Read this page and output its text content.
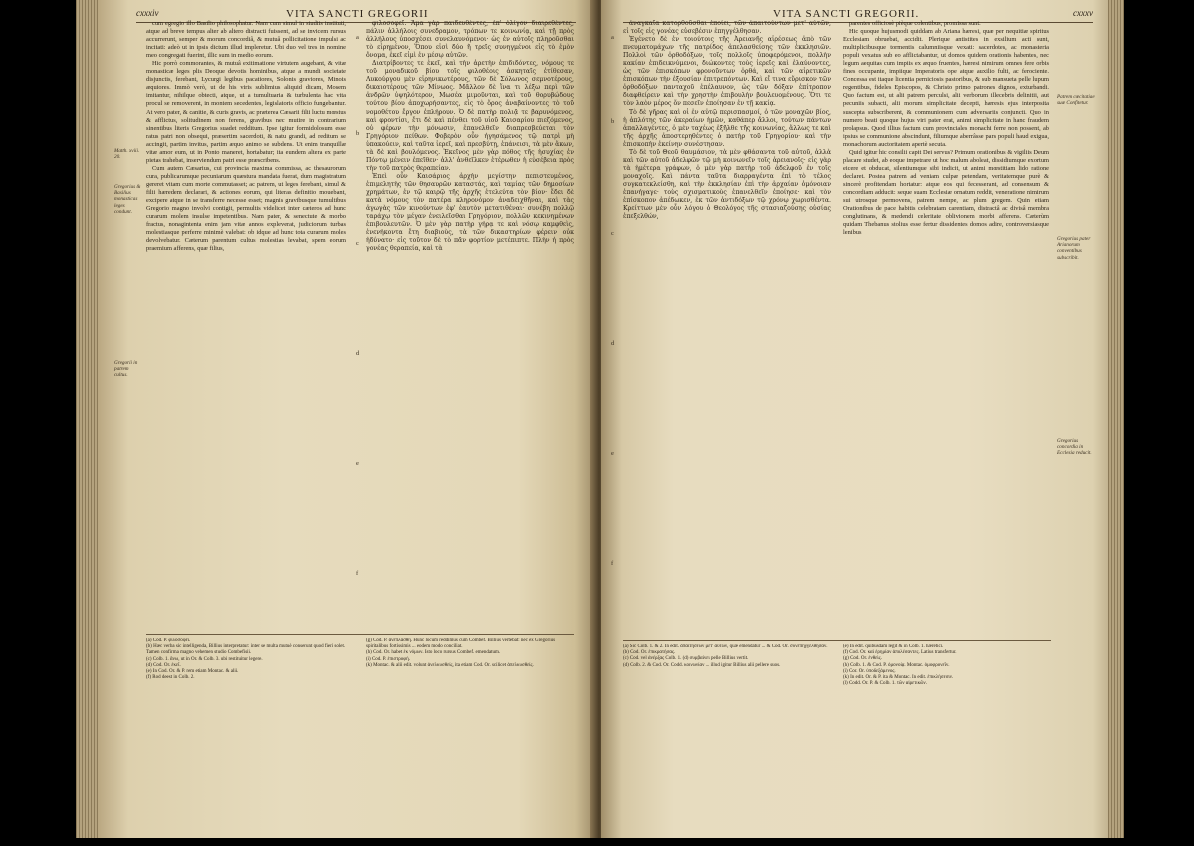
cxxxiv	VITA SANCTI GREGORII
Matth. xviii. 20.
Gregorius & Basilius monasticas leges condunt.
Gregorii in patrem cultus.

cum egregio illo Basilio philosophatur. Nam cum simul in studiis instituti, atque ad breve tempus alter ab altero distracti fuissent, ad se invicem rursus accurrerunt, semper & morum concordiâ, & mutuâ pollicitatione impulsi ac incitati: adeò ut in ipsis dictum illud impleretur. Ubi duo vel tres in nomine meo congregati fuerint, illic sum in medio eorum.

Hic porrò commorantes, & mutuâ exitimatione virtutem augebant, & vitæ monasticæ leges plis Deoque devotis hominibus, atque a mundi societate disjunctis, ferebant, Lycurgi legibus pacatiores, Solonis graviores, Minois æquiores. Immò verò, ut de his viris sublimius aliquid dicam, Mosem imitantur, nihilque obtecti, atque, ut a tumultuaria & turbulenta hac vita procul se removerent, in montem secedentes, legislatoris officio fungebantur. At vero pater, & canitie, & curis gravis, ac præterea Cæsarii filii luctu mœstus & afflictus, solitudinem non ferens, gravibus nec mutire in contrarium sinentibus literis Gregorius suadet redditum. Ipse igitur formidolosum esse ratus patri non obsequi, præsertim sacerdoti, & natu grandi, ad reditum se accingit, partim invitus, partim æquo animo se subdens. Ut enim tranquillæ vitæ amor eum, ut in Ponto maneret, hortabatur; ita eundem altera ex parte pietas trahebat, inserviendum patri esse præscribens.

Cum autem Cæsarius, cui provincia maxima commissa, ac thesaurorum cura, publicarumque pecuniarum quæstura mandata fuerat, dum magistratum gereret vitam cum morte commutasset; ac patrem, ut leges ferebant, simul & filii hæredem declarari, & actiones eorum, qui literas definitio mouebant, excipere atque in se transferre necesse esset; magnis gravibusque tumultibus Gregorio magno involvi contigit, permultis videlicet inter cæteros ad hunc curarum molem insulse impetentibus. Nam pater, & senectute & morbo fractus, nonagintenta enim jam vitæ annos expleverat, judiciorum turbas molestiasque perferre minimè valebat: ob idque ad hunc tota curarum moles devolvebatur. Cæterum parentum cultus molestias levabat, spem eorum praemium afferens, quæ filius,

φιλοσοφεῖ. Ἅμα γὰρ παιδευθέντες, ἐπ' ὀλίγον διαιρεθέντες, πάλιν ἀλλήλοις συνεδραμον, τρόπων τε κοινωνίᾳ, καὶ τῇ πρὸς ἀλλήλους ὑποσχέσει συνελαυνόμενοι· ὡς ἐν αὐτοῖς πληροῦσθαι τὸ εἰρημένον, Ὅπου εἰσὶ δύο ἢ τρεῖς συνηγμένοι εἰς τὸ ἐμὸν ὄνομα, ἐκεῖ εἰμὶ ἐν μέσῳ αὐτῶν.

Διατρίβοντες τε ἐκεῖ, καὶ τὴν ἀρετὴν ἐπιδιδόντες, νόμους τε τοῦ μοναδικοῦ βίου τοῖς φιλοθέοις ἀσκηταῖς ἐτίθεσαν, Λυκούργου μὲν εἰρηνικωτέρους, τῶν δὲ Σόλωνος σεμνοτέρους, δικαιοτέρους τῶν Μίνωος. Μᾶλλον δὲ ἵνα τι λέξω περὶ τῶν ἀνδρῶν ὑψηλότερον, Μωσέα μιμοῦνται, καὶ τοῦ θορυβώδους τούτου βίου ἀποχωρήσαντες, εἰς τὸ ὄρος ἀναβαίνοντες τὸ τοῦ νομοθέτου ἔργον ἐπλήρουν. Ὁ δὲ πατὴρ πολιᾷ τε βαρυνόμενος, καὶ φροντίσι, ἔτι δὲ καὶ πένθει τοῦ υἱοῦ Καισαρίου πιεζόμενος, οὐ φέρων τὴν μόνωσιν, ἐπανελθεῖν διαπρεσβεύεται τὸν Γρηγόριον πείθων. Φοβερὸν οὖν ἡγησάμενος τῷ πατρὶ μὴ ὑπακούειν, καὶ ταῦτα ἱερεῖ, καὶ πρεσβύτῃ, ἐπάνεισι, τὰ μὲν ἄκων, τὰ δὲ καὶ βουλόμενος. Ἐκεῖνος μὲν γὰρ πόθος τῆς ἡσυχίας ἐν Πόντῳ μένειν ἐπεῖθεν· ἀλλ' ἀνθεῖλκεν ἑτέρωθεν ἡ εὐσέβεια πρὸς τὴν τοῦ πατρὸς θεραπείαν.

Ἐπεὶ οὖν Καισάριος ἀρχὴν μεγίστην πεπιστευμένος, ἐπιμελητὴς τῶν θησαυρῶν καταστάς, καὶ ταμίας τῶν δημοσίων χρημάτων, ἐν τῷ καιρῷ τῆς ἀρχῆς ἐτελεύτα τὸν βίον· ἔδει δὲ κατὰ νόμους τὸν πατέρα κληρονόμον ἀναδειχθῆναι, καὶ τὰς ἀγωγὰς τῶν κινούντων ἐφ' ἑαυτὸν μετατιθέναι· συνέβη πολλῷ ταράχῳ τὸν μέγαν ἐνειλεῖσθαι Γρηγόριον, πολλῶν κεκινημένων ἐπιβουλευτῶν. Ὁ μὲν γὰρ πατὴρ γήρᾳ τε καὶ νόσῳ καμφθεὶς, ἐνενήκοντα ἔτη διαβιοὺς, τὰ τῶν δικαστηρίων φέρειν οὐκ ἠδύνατο· εἰς τοῦτον δὲ τὸ πᾶν φορτίον μετέπιπτε. Πλὴν ἡ πρὸς γονέας θεραπεία, καὶ τὰ

a
b
c
d
e
f
(a) Cod. P. φιλοσοφεῖ.
(b) Hæc verba sic intelligenda, Billius interpretatur: inter se multa mutuè conserunt quod fieri solet. Tamen confirma magno vehemen studio Combefisii.
(c) Colb. 1. ἄνω, ut in Or. & Colb. 3. ubi restituitur legere.
(d) Cod. Or. ἐκεῖ.
(e) In Cod. Or. & P. rem etiam Montac. & alii.
(f) Rod deest in Colb. 2.
(g) Cod. P. ἀνεπλάσθη. Hunc locum reddimus cum Combef. Billius vertebat: nec ex Gregorius spiritalibus fortissimis ... eodem modo conciliat.
(h) Cod. Or. habet ἐκ νόμων. Isto loco rursus Combef. emendatum.
(i) Cod. P. ἐπιστροφή.
(k) Montac. & alii edit. volunt ἀνελκυσθείς, ita etiam Cod. Or. scilicet ἀπελκυσθείς.
VITA SANCTI GREGORII.	cxxxv
a
b
c
d
e
f

ἀναγκαῖα κατορθοῦσθαι ἐποίει, τῶν ἀπαιτούντων μετ' αὐτῶν, εἰ τοῖς εἰς γονέας εὐσεβέσιν ἐπηγγέλθησαν.

Ἐγένετο δὲ ἐν τοιούτοις τῆς Ἀρειανῆς αἱρέσεως ἀπὸ τῶν πνευματομάχων τῆς πατρίδος ἀπελασθείσης τῶν ἐκκλησιῶν. Πολλοὶ τῶν ὀρθοδόξων, τοῖς πολλοῖς ὑποφερόμενοι, πολλὴν κακίαν ἐπιδεικνύμενοι, διώκοντες τοὺς ἱερεῖς καὶ ἐλαύνοντες, ὡς τῶν ἐπισκόπων φρονοῦντων ὀρθά, καὶ τῶν αἱρετικῶν ἐπισκόπων τὴν ἐξουσίαν ἐπιτρεπόντων. Καὶ εἴ τινα εὕρισκον τῶν ὀρθοδόξων πανταχοῦ ἐπέλαυνον, ὡς τῶν δόξαν ἐπίτροπον διαφθείρειν καὶ τὴν χρηστὴν ἐπιβουλὴν βουλευομένους. Ὅτι τε τὸν λαὸν μέρος ὄν πεσεῖν ἐποίησαν ἐν τῇ κακίᾳ.

Τὸ δὲ γῆρας καὶ οἱ ἐν αὐτῷ περισπασμοί, ὁ τῶν μοναχῶν βίος, ἡ ἀπλότης τῶν ἀκεραίων ἡμῶν, καθάπερ ἄλλοι, τούτων πάντων ἀπαλλαγέντες, ὁ μὲν ταχέως ἐξῆλθε τῆς κοινωνίας, ἄλλως τε καὶ τῆς ἀρχῆς ἀποστερηθέντες ὁ πατὴρ τοῦ Γρηγορίου· καὶ τὴν ἐπισκοπὴν ἐκείνην συνέστησαν.

Τὸ δὲ τοῦ Θεοῦ θαυμάσιον, τὰ μὲν φθάσαντα τοῦ αὐτοῦ, ἀλλὰ καὶ τῶν αὐτοῦ ἀδελφῶν τῷ μὴ κοινωνεῖν τοῖς ἀρειανοῖς· εἰς γὰρ τὰ ἡμέτερα γράφων, ὁ μὲν γὰρ πατὴρ τοῦ ἀδελφοῦ ἐν τοῖς μοναχοῖς. Καὶ πάντα ταῦτα διαρραγέντα ἐπὶ τὸ τέλος συγκατεκλείσθη, καὶ τὴν ἐκκλησίαν ἐπὶ τὴν ἀρχαίαν ὁμόνοιαν ἐπανήγαγε· τοὺς σχισματικοὺς ἐπανελθεῖν ἐποίησε· καὶ τὸν ἐπίσκοπον ἀπέδωκεν, ἐκ τῶν ἀντιδόξων τῷ χρόνῳ χωρισθέντα. Κρείττων μὲν οὖν λόγου ὁ Θεολόγος τῆς στασιαζούσης οὐσίας ἐπεξελθών,

parentes officiosè pièque colentibus, promissa sunt.

Hic quoque hujusmodi quiddam ab Ariana hæresi, quæ per nequitiæ spiritus Ecclesiam obruebat, accidit. Plerique antistites in exsilium acti sunt, multiplicibusque tormentis calumniisque vexati: sacerdotes, ac monasteria populi vexatus sub eo afflictabantur, ut domos quidem orationis habentes, nec legum aequitas cum impiis ex æquo fruentes, hæresi nimirum omnes fere orbis fines occupante, impiique Imperatoris ope atque auxilio fulti, ac ferociente. Concessa est itaque licentia perniciosis pastoribus, & sub mansueta pelle lupum regentibus, fideles Episcopos, & Christo primo patrones dignos, exturbandi. Quo factum est, ut alii patrem perculsi, alii verborum illecebris delinitii, aut pecuniis subacti, alii morum simplicitate decepti, hæresis ejus interposita suscepta subscriberent, & communionem cum adversariis conjuncti. Quo in numero beati quoque hujus viri pater erat, animi simplicitate in hanc fraudem prolapsus. Quod illius factum cum provinciales monachi ferre non possent, ab ipsius se communione abscindunt, filiumque aberrâsse pars populi haud exigua, monachorum auctoritatem apertè secuta.

Quid igitur hic consilii capit Dei servus? Primum orationibus & vigiliis Deum placare studet, ab eoque impetrare ut hoc malum aboleat, dissidiumque exortum eicere et obducat, silentiumque sibi indicit, ut animi mœstitiam lido ratione declaret. Postea patrem ad veniam culpæ petendam, veritatemque purè & sincerè profitendam hortatur: atque eos qui fecesserant, ad consensum & concordiam adducit: seque suam Ecclesiæ ornatum reddit, veneratione nimirum sui utrosque permovens, patrem nempe, ac plum gregem. Quin etiam Orationibus de pace habitis celebratam carentiam, distractâ ac divisâ membra conglutinans, & medendi celeritate oblivionem morbi afferens. Cæterùm quidam Thebanus stolius esse fertur dissidentes domos adire, controversiasque lenibus

Patrem cœcitatiae suæ Confitetur.
Gregorius pater Arianorum conventibus subscribit.
Gregorius concordia in Ecclesia reducit.
(a) Sic Colb. 1. & 2. In edit. ἀπαιτήσεων μετ' αὐτῶν, quæ emendatur ... & Cod. Or. συνεπηγγέλθησαν.
(b) Cod. Or. ἐπικρατήσας.
(c) Cod. vel ἀνέρξας Colb. 1. (d) συμβαίνει pelle Billius vertit.
(d) Colb. 2. & Cod. Or. Codd. κοινωνίαν ... illud igitur Billius alii pellere suos.
(e) In edit. quibusdam legit & in Colb. 1. hæretici.
(f) Cod. Or. καὶ ἐρημίαν ἀπολέσαντες. Latius transfertur.
(g) Cod. Or. ἐνθεὶς.
(h) Colb. 1. & Cod. P. ὁμονοίᾳ. Montac. ὁμοφρονεῖν.
(i) Cor. Or. ὑποδεξάμενος.
(k) In edit. Or. & P. ita & Montac. In edit. ἐπικλήσεσιν.
(l) Codd. Or. P. & Colb. 1. τῶν αἱρετικῶν.
